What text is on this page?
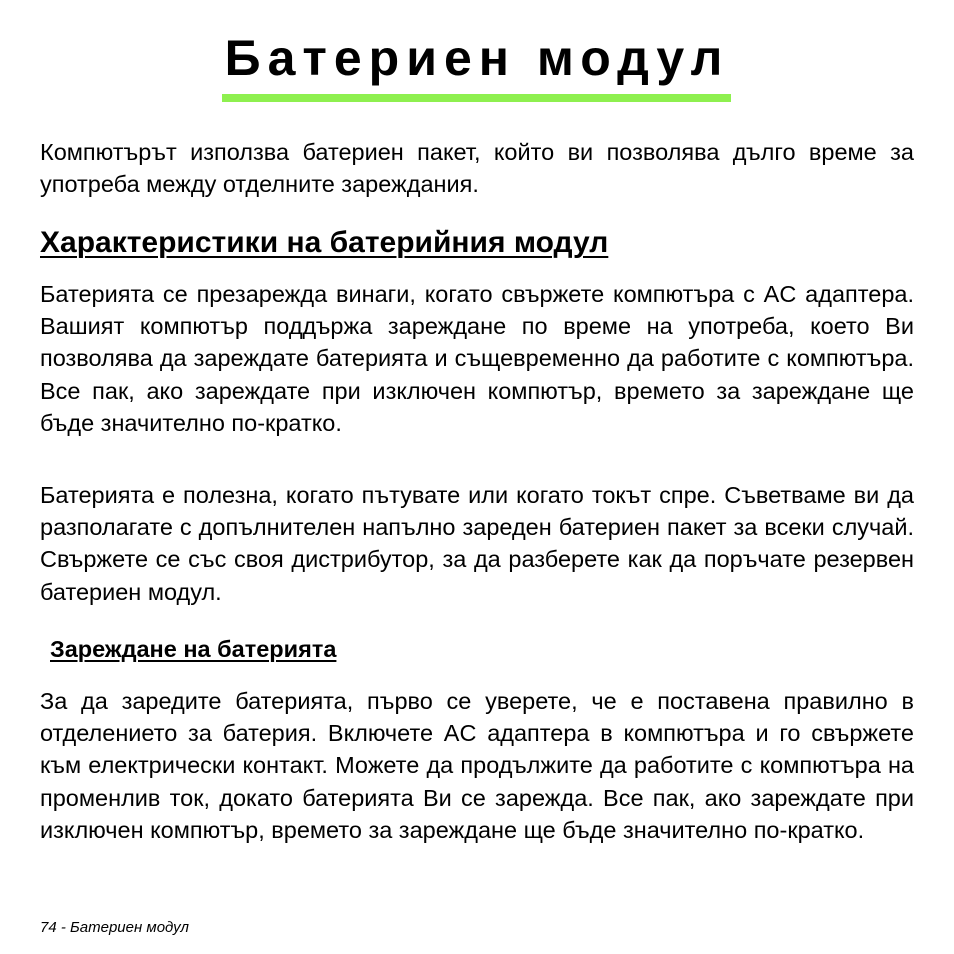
Батериен модул

Компютърът използва батериен пакет, който ви позволява дълго време за употреба между отделните зареждания.

Характеристики на батерийния модул

Батерията се презарежда винаги, когато свържете компютъра с AC адаптера. Вашият компютър поддържа зареждане по време на употреба, което Ви позволява да зареждате батерията и същевременно да работите с компютъра. Все пак, ако зареждате при изключен компютър, времето за зареждане ще бъде значително по-кратко.

Батерията е полезна, когато пътувате или когато токът спре. Съветваме ви да разполагате с допълнителен напълно зареден батериен пакет за всеки случай. Свържете се със своя дистрибутор, за да разберете как да поръчате резервен батериен модул.

Зареждане на батерията

За да заредите батерията, първо се уверете, че е поставена правилно в отделението за батерия. Включете AC адаптера в компютъра и го свържете към електрически контакт. Можете да продължите да работите с компютъра на променлив ток, докато батерията Ви се зарежда. Все пак, ако зареждате при изключен компютър, времето за зареждане ще бъде значително по-кратко.

74 - Батериен модул
